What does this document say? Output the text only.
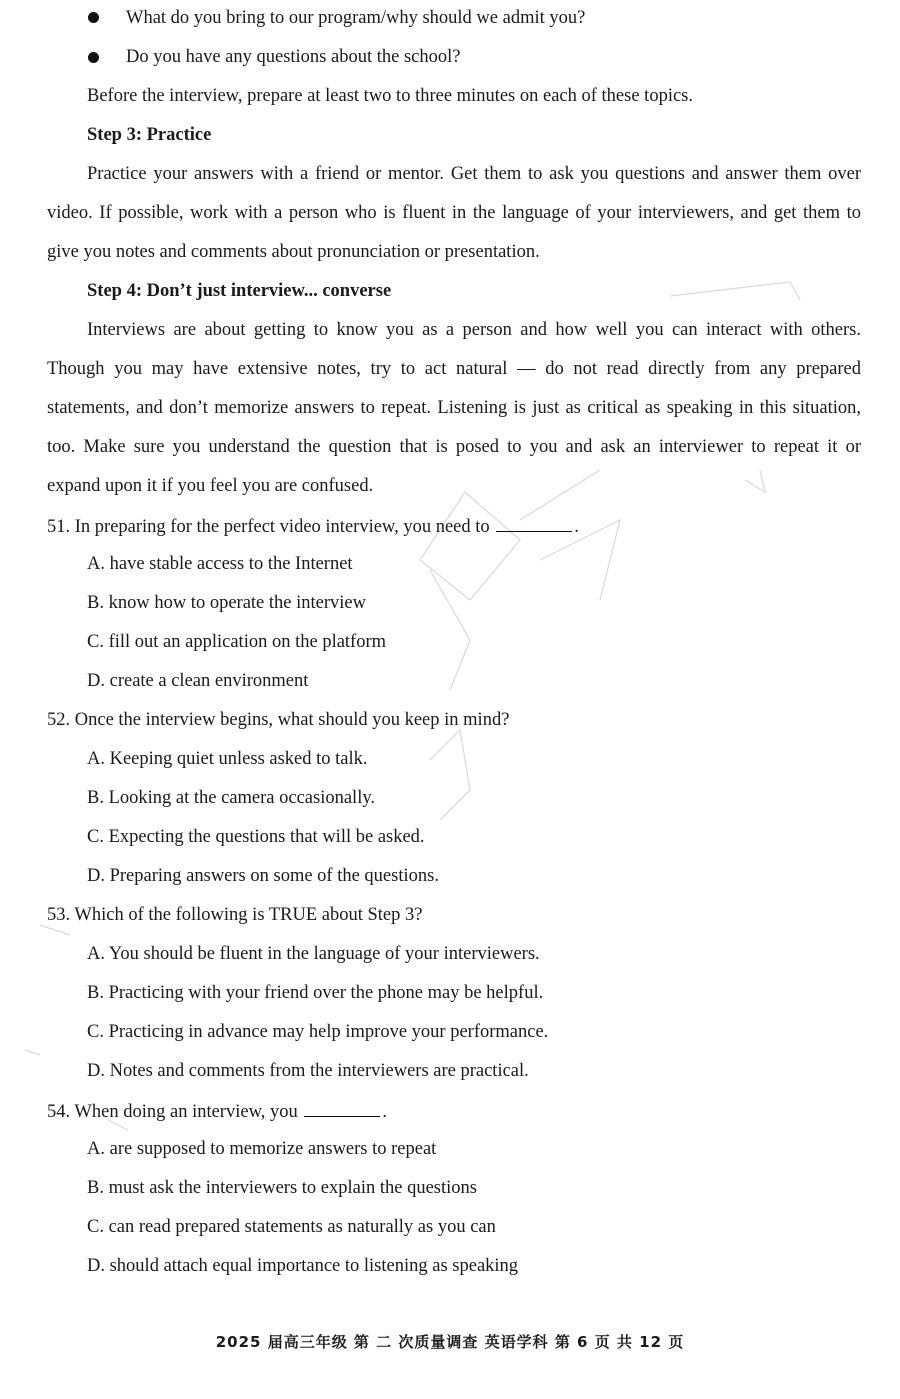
What do you bring to our program/why should we admit you?
Do you have any questions about the school?
Before the interview, prepare at least two to three minutes on each of these topics.
Step 3: Practice
Practice your answers with a friend or mentor. Get them to ask you questions and answer them over
video. If possible, work with a person who is fluent in the language of your interviewers, and get them to
give you notes and comments about pronunciation or presentation.
Step 4: Don’t just interview... converse
Interviews are about getting to know you as a person and how well you can interact with others.
Though you may have extensive notes, try to act natural — do not read directly from any prepared
statements, and don’t memorize answers to repeat. Listening is just as critical as speaking in this situation,
too. Make sure you understand the question that is posed to you and ask an interviewer to repeat it or
expand upon it if you feel you are confused.
51. In preparing for the perfect video interview, you need to	.
A. have stable access to the Internet
B. know how to operate the interview
C. fill out an application on the platform
D. create a clean environment
52. Once the interview begins, what should you keep in mind?
A. Keeping quiet unless asked to talk.
B. Looking at the camera occasionally.
C. Expecting the questions that will be asked.
D. Preparing answers on some of the questions.
53. Which of the following is TRUE about Step 3?
A. You should be fluent in the language of your interviewers.
B. Practicing with your friend over the phone may be helpful.
C. Practicing in advance may help improve your performance.
D. Notes and comments from the interviewers are practical.
54. When doing an interview, you	.
A. are supposed to memorize answers to repeat
B. must ask the interviewers to explain the questions
C. can read prepared statements as naturally as you can
D. should attach equal importance to listening as speaking
2025 届高三年级 第 二 次质量调查 英语学科 第 6 页 共 12 页
